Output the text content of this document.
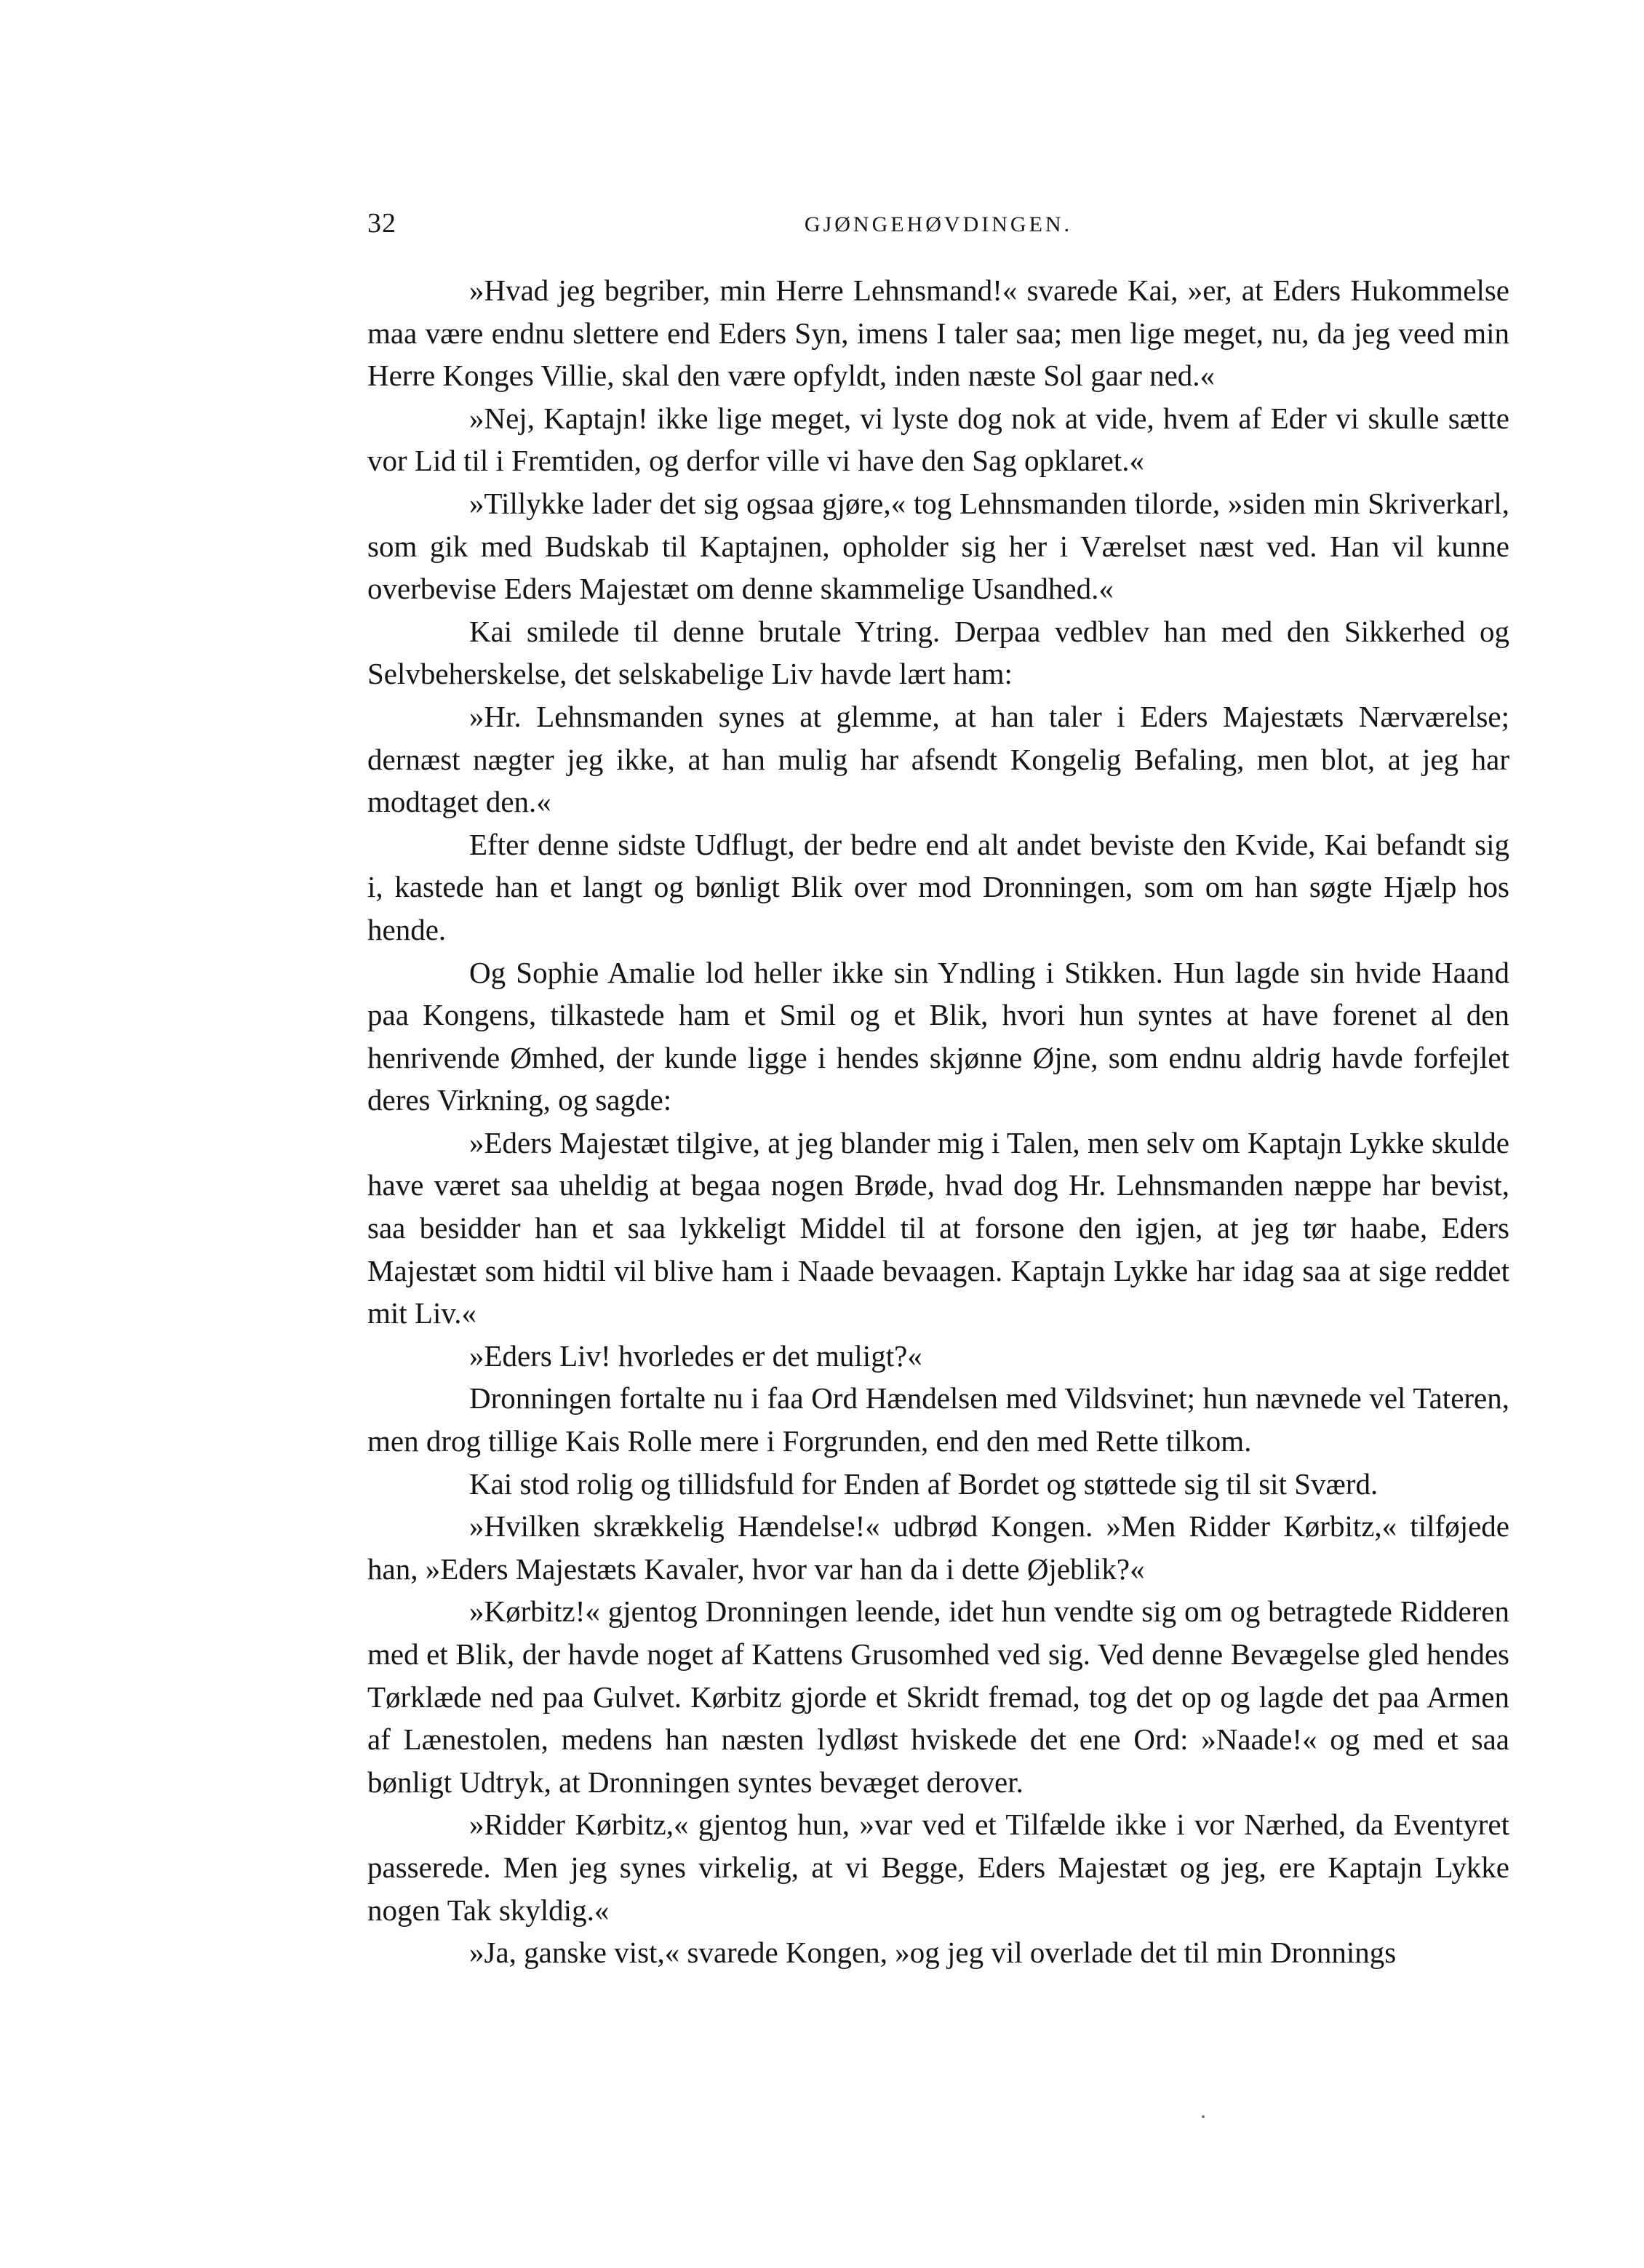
32	GJØNGEHØVDINGEN.

»Hvad jeg begriber, min Herre Lehnsmand!« svarede Kai, »er, at Eders Hukommelse maa være endnu slettere end Eders Syn, imens I taler saa; men lige meget, nu, da jeg veed min Herre Konges Villie, skal den være opfyldt, inden næste Sol gaar ned.«

»Nej, Kaptajn! ikke lige meget, vi lyste dog nok at vide, hvem af Eder vi skulle sætte vor Lid til i Fremtiden, og derfor ville vi have den Sag opklaret.«

»Tillykke lader det sig ogsaa gjøre,« tog Lehnsmanden tilorde, »siden min Skriverkarl, som gik med Budskab til Kaptajnen, opholder sig her i Værelset næst ved. Han vil kunne overbevise Eders Majestæt om denne skammelige Usandhed.«

Kai smilede til denne brutale Ytring. Derpaa vedblev han med den Sikkerhed og Selvbeherskelse, det selskabelige Liv havde lært ham:

»Hr. Lehnsmanden synes at glemme, at han taler i Eders Majestæts Nærværelse; dernæst nægter jeg ikke, at han mulig har afsendt Kongelig Befaling, men blot, at jeg har modtaget den.«

Efter denne sidste Udflugt, der bedre end alt andet beviste den Kvide, Kai befandt sig i, kastede han et langt og bønligt Blik over mod Dronningen, som om han søgte Hjælp hos hende.

Og Sophie Amalie lod heller ikke sin Yndling i Stikken. Hun lagde sin hvide Haand paa Kongens, tilkastede ham et Smil og et Blik, hvori hun syntes at have forenet al den henrivende Ømhed, der kunde ligge i hendes skjønne Øjne, som endnu aldrig havde forfejlet deres Virkning, og sagde:

»Eders Majestæt tilgive, at jeg blander mig i Talen, men selv om Kaptajn Lykke skulde have været saa uheldig at begaa nogen Brøde, hvad dog Hr. Lehnsmanden næppe har bevist, saa besidder han et saa lykkeligt Middel til at forsone den igjen, at jeg tør haabe, Eders Majestæt som hidtil vil blive ham i Naade bevaagen. Kaptajn Lykke har idag saa at sige reddet mit Liv.«

»Eders Liv! hvorledes er det muligt?«

Dronningen fortalte nu i faa Ord Hændelsen med Vildsvinet; hun nævnede vel Tateren, men drog tillige Kais Rolle mere i Forgrunden, end den med Rette tilkom.

Kai stod rolig og tillidsfuld for Enden af Bordet og støttede sig til sit Sværd.

»Hvilken skrækkelig Hændelse!« udbrød Kongen. »Men Ridder Kørbitz,« tilføjede han, »Eders Majestæts Kavaler, hvor var han da i dette Øjeblik?«

»Kørbitz!« gjentog Dronningen leende, idet hun vendte sig om og betragtede Ridderen med et Blik, der havde noget af Kattens Grusomhed ved sig. Ved denne Bevægelse gled hendes Tørklæde ned paa Gulvet. Kørbitz gjorde et Skridt fremad, tog det op og lagde det paa Armen af Lænestolen, medens han næsten lydløst hviskede det ene Ord: »Naade!« og med et saa bønligt Udtryk, at Dronningen syntes bevæget derover.

»Ridder Kørbitz,« gjentog hun, »var ved et Tilfælde ikke i vor Nærhed, da Eventyret passerede. Men jeg synes virkelig, at vi Begge, Eders Majestæt og jeg, ere Kaptajn Lykke nogen Tak skyldig.«

»Ja, ganske vist,« svarede Kongen, »og jeg vil overlade det til min Dronnings
